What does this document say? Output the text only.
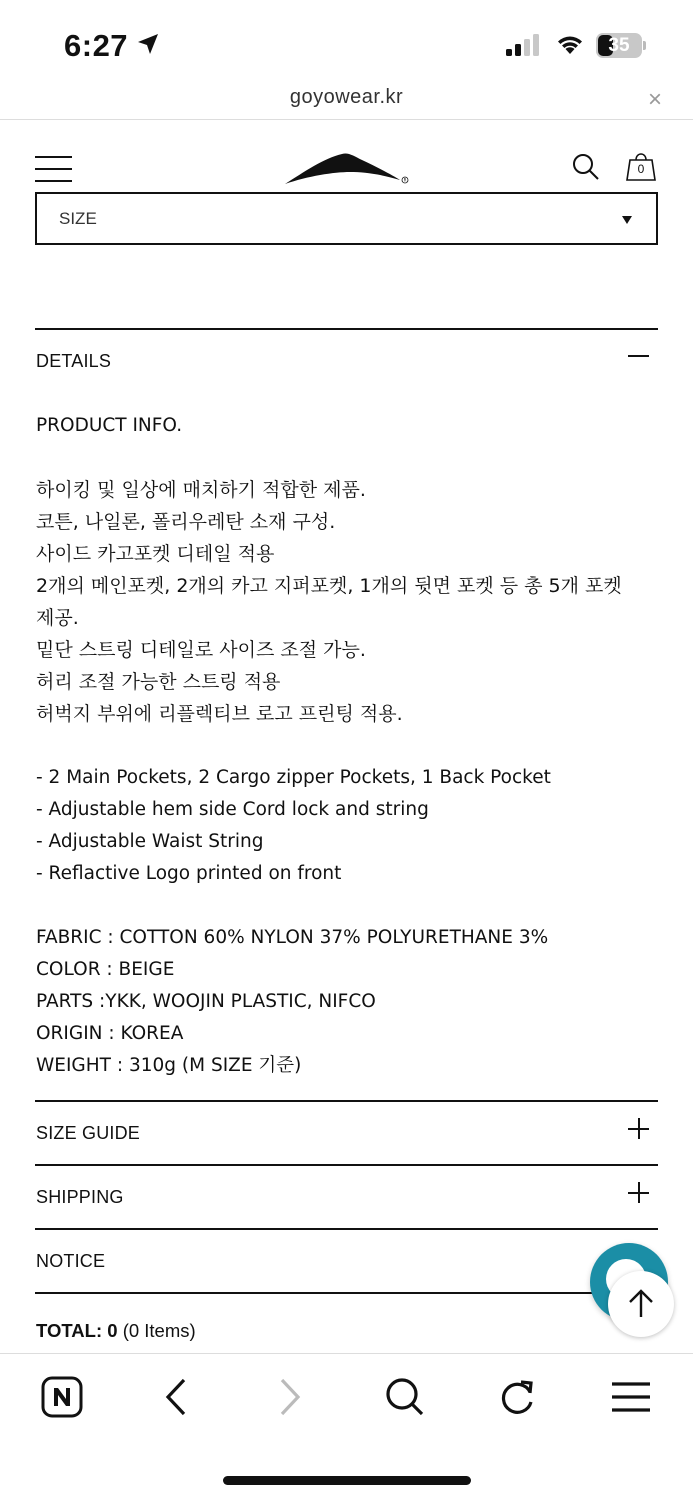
6:27	35
goyowear.kr	×
R
0
SIZE
DETAILS
PRODUCT INFO.
하이킹 및 일상에 매치하기 적합한 제품.
코튼, 나일론, 폴리우레탄 소재 구성.
사이드 카고포켓 디테일 적용
2개의 메인포켓, 2개의 카고 지퍼포켓, 1개의 뒷면 포켓 등 총 5개 포켓
제공.
밑단 스트링 디테일로 사이즈 조절 가능.
허리 조절 가능한 스트링 적용
허벅지 부위에 리플렉티브 로고 프린팅 적용.
- 2 Main Pockets, 2 Cargo zipper Pockets, 1 Back Pocket
- Adjustable hem side Cord lock and string
- Adjustable Waist String
- Reflactive Logo printed on front
FABRIC : COTTON 60% NYLON 37% POLYURETHANE 3%
COLOR : BEIGE
PARTS :YKK, WOOJIN PLASTIC, NIFCO
ORIGIN : KOREA
WEIGHT : 310g (M SIZE 기준)
SIZE GUIDE
SHIPPING
NOTICE
TOTAL: 0 (0 Items)
